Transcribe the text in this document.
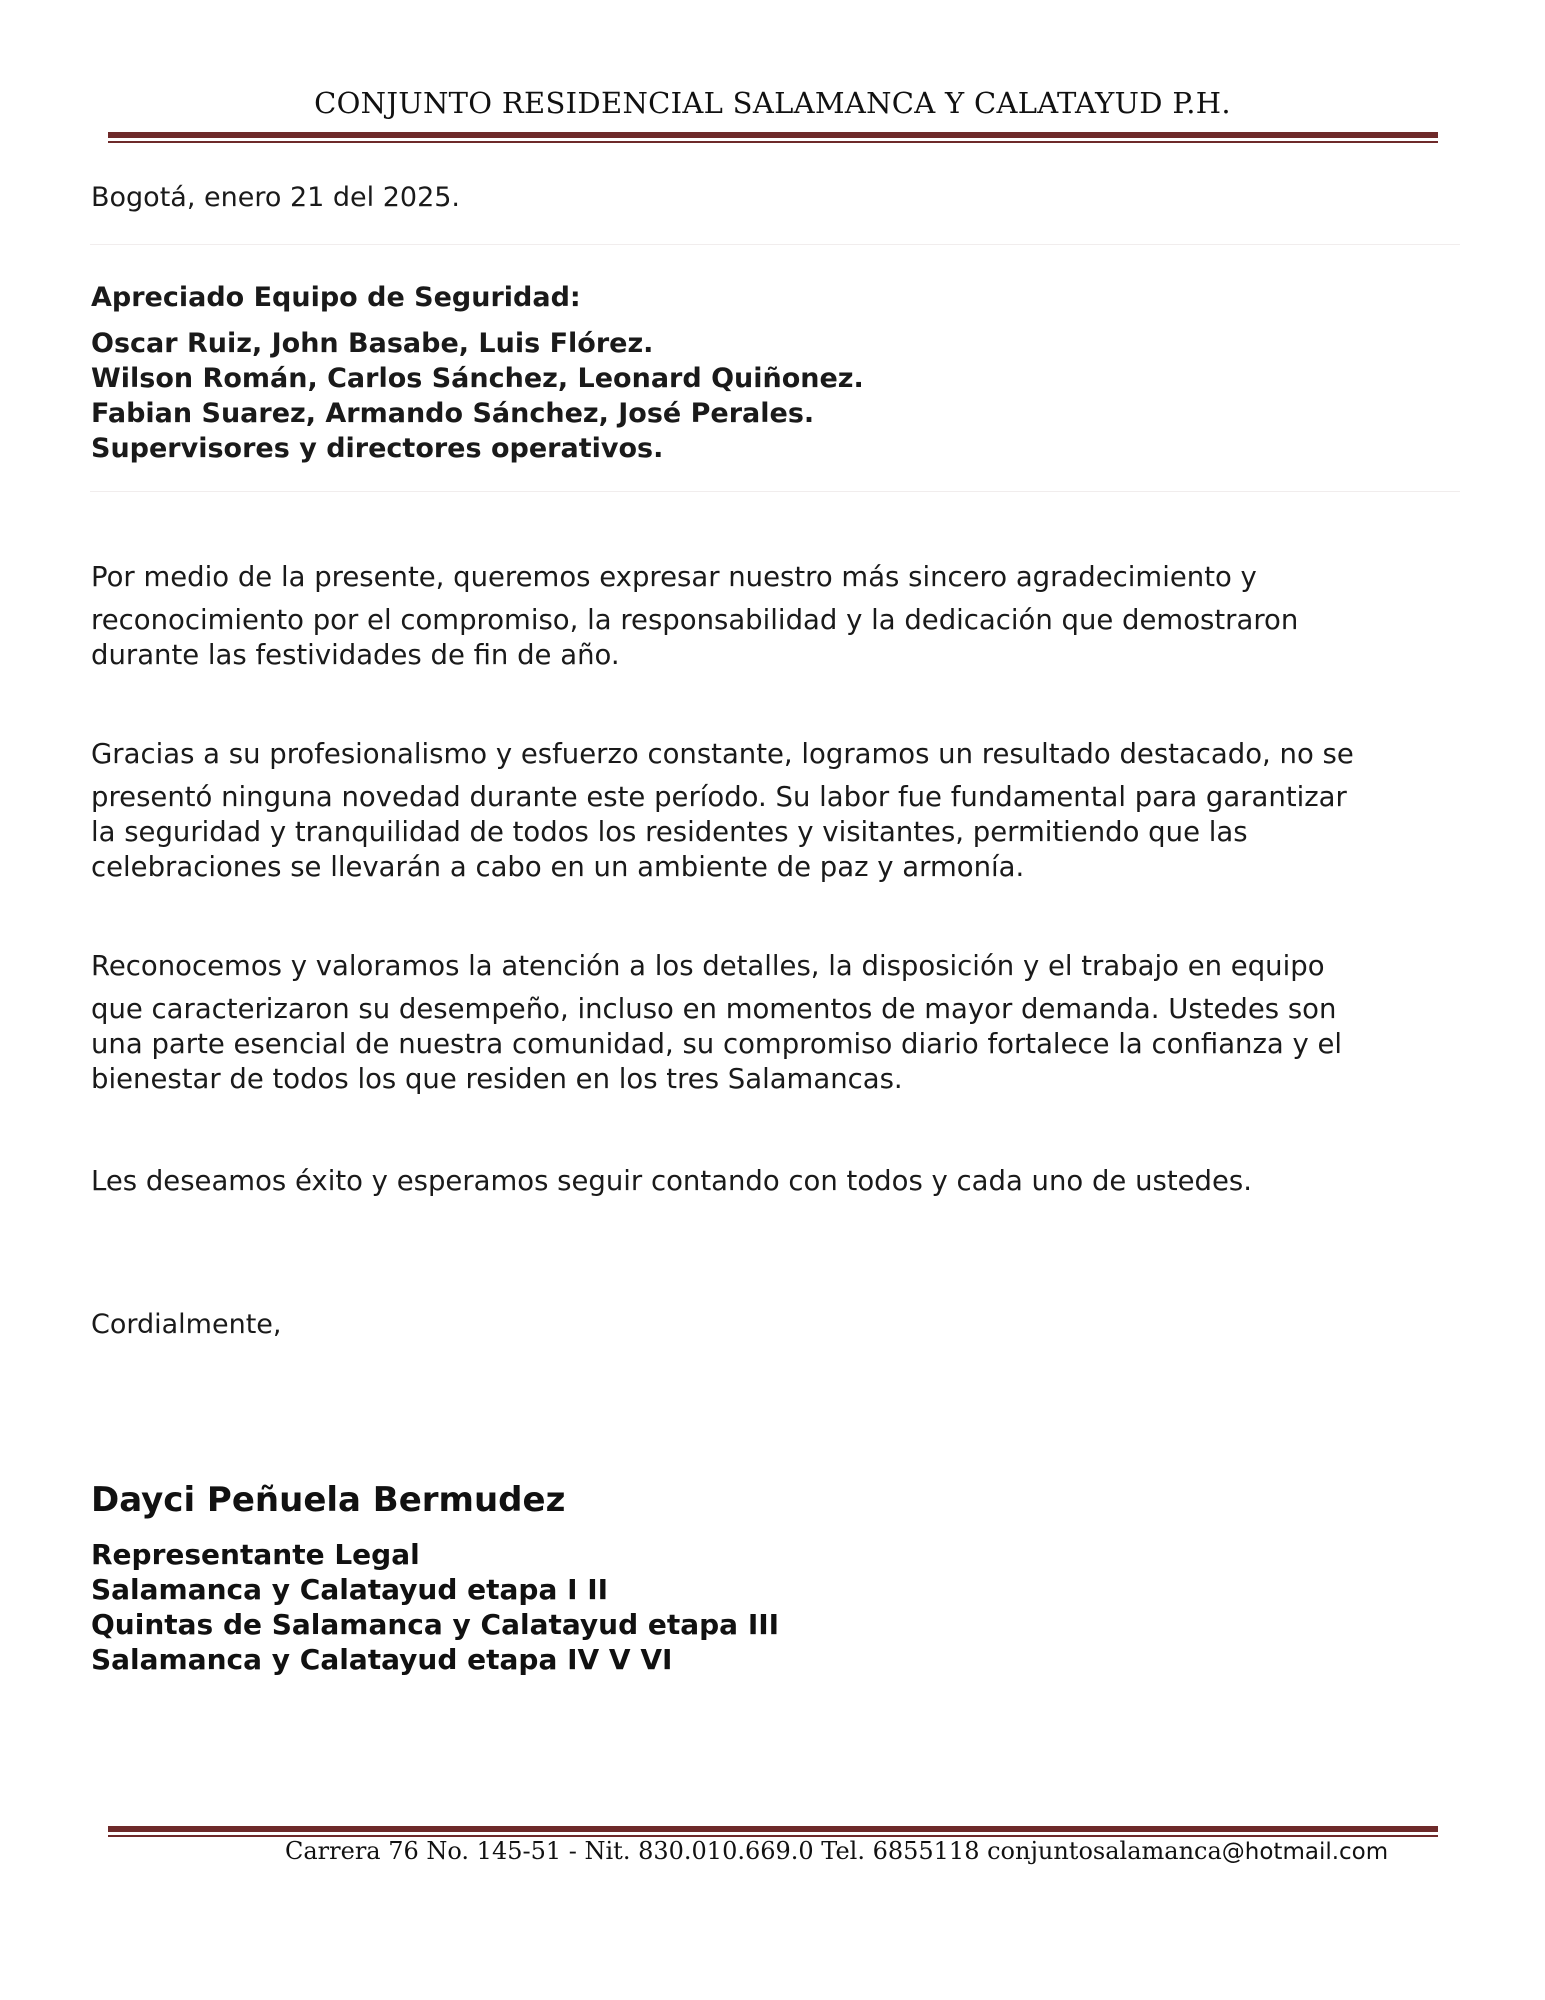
CONJUNTO RESIDENCIAL SALAMANCA Y CALATAYUD P.H.
Bogotá, enero 21 del 2025.
Apreciado Equipo de Seguridad:
Oscar Ruiz, John Basabe, Luis Flórez.
Wilson Román, Carlos Sánchez, Leonard Quiñonez.
Fabian Suarez, Armando Sánchez, José Perales.
Supervisores y directores operativos.
Por medio de la presente, queremos expresar nuestro más sincero agradecimiento y
reconocimiento por el compromiso, la responsabilidad y la dedicación que demostraron
durante las festividades de fin de año.
Gracias a su profesionalismo y esfuerzo constante, logramos un resultado destacado, no se
presentó ninguna novedad durante este período. Su labor fue fundamental para garantizar
la seguridad y tranquilidad de todos los residentes y visitantes, permitiendo que las
celebraciones se llevarán a cabo en un ambiente de paz y armonía.
Reconocemos y valoramos la atención a los detalles, la disposición y el trabajo en equipo
que caracterizaron su desempeño, incluso en momentos de mayor demanda. Ustedes son
una parte esencial de nuestra comunidad, su compromiso diario fortalece la confianza y el
bienestar de todos los que residen en los tres Salamancas.
Les deseamos éxito y esperamos seguir contando con todos y cada uno de ustedes.
Cordialmente,
Dayci Peñuela Bermudez
Representante Legal
Salamanca y Calatayud etapa I II
Quintas de Salamanca y Calatayud etapa III
Salamanca y Calatayud etapa IV V VI
Carrera 76 No. 145-51 - Nit. 830.010.669.0 Tel. 6855118 conjuntosalamanca@hotmail.com
